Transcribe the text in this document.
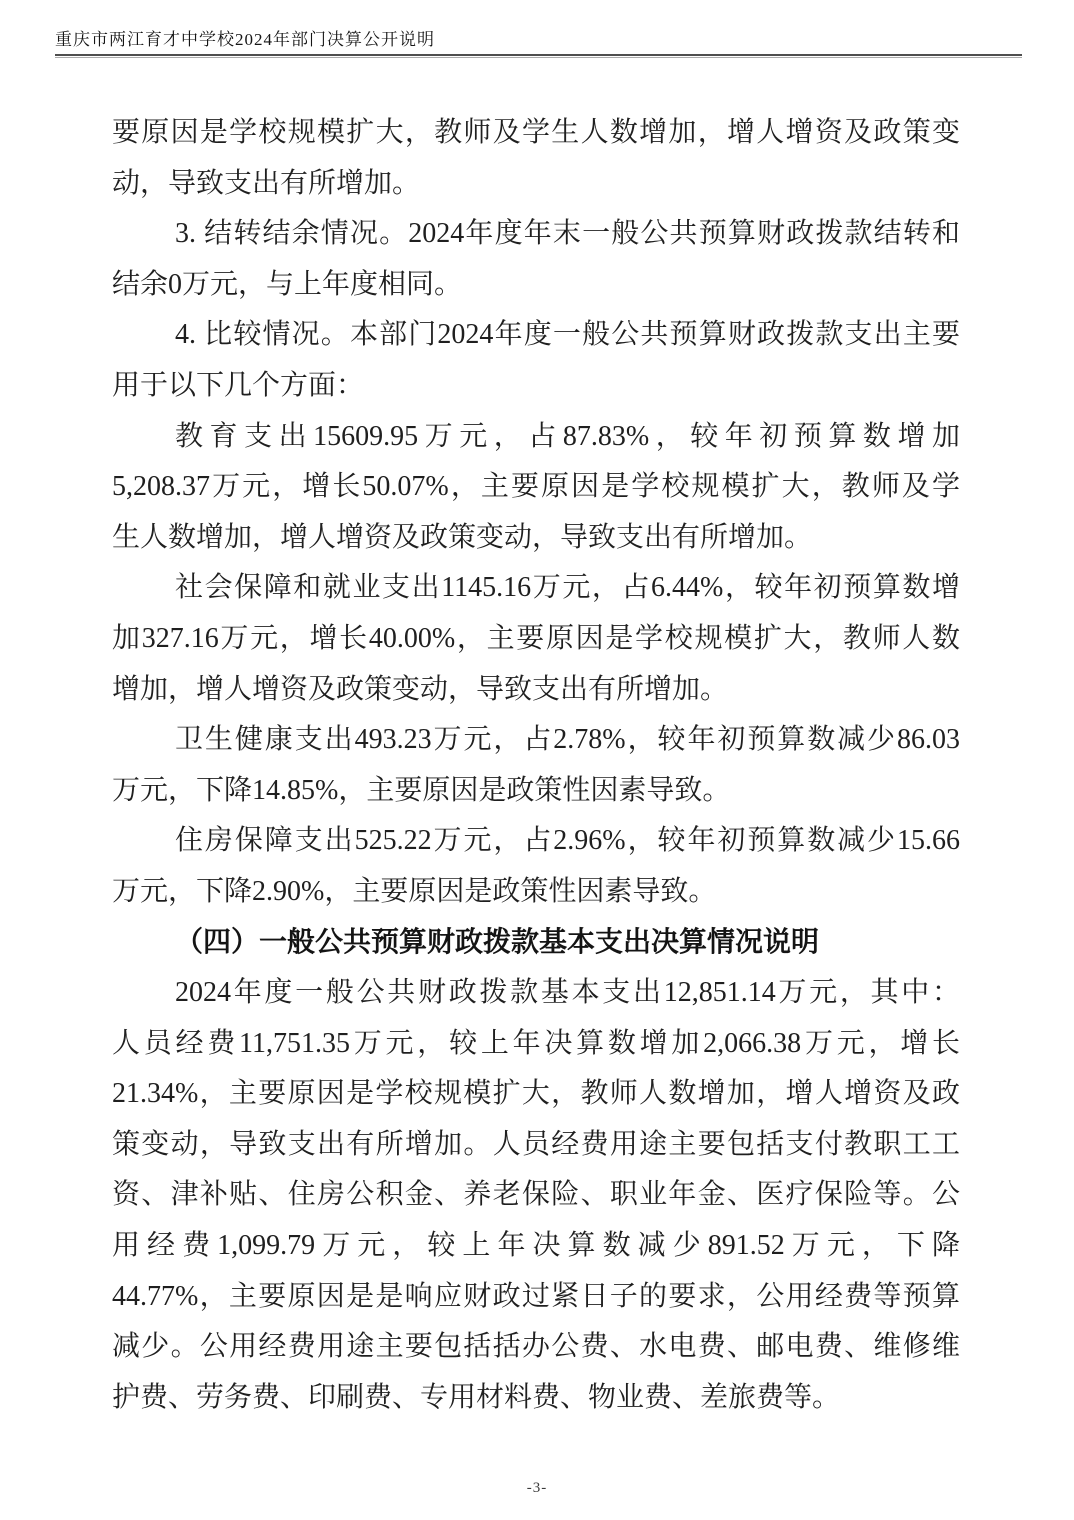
重庆市两江育才中学校2024年部门决算公开说明
要原因是学校规模扩大，教师及学生人数增加，增人增资及政策变
动，导致支出有所增加。
3. 结转结余情况。2024年度年末一般公共预算财政拨款结转和
结余0万元，与上年度相同。
4. 比较情况。本部门2024年度一般公共预算财政拨款支出主要
用于以下几个方面：
教育支出15609.95万元，占87.83%，较年初预算数增加
5,208.37万元，增长50.07%，主要原因是学校规模扩大，教师及学
生人数增加，增人增资及政策变动，导致支出有所增加。
社会保障和就业支出1145.16万元，占6.44%，较年初预算数增
加327.16万元，增长40.00%，主要原因是学校规模扩大，教师人数
增加，增人增资及政策变动，导致支出有所增加。
卫生健康支出493.23万元，占2.78%，较年初预算数减少86.03
万元，下降14.85%，主要原因是政策性因素导致。
住房保障支出525.22万元，占2.96%，较年初预算数减少15.66
万元，下降2.90%，主要原因是政策性因素导致。
（四）一般公共预算财政拨款基本支出决算情况说明
2024年度一般公共财政拨款基本支出12,851.14万元，其中：
人员经费11,751.35万元，较上年决算数增加2,066.38万元，增长
21.34%，主要原因是学校规模扩大，教师人数增加，增人增资及政
策变动，导致支出有所增加。人员经费用途主要包括支付教职工工
资、津补贴、住房公积金、养老保险、职业年金、医疗保险等。公
用经费1,099.79万元，较上年决算数减少891.52万元，下降
44.77%，主要原因是是响应财政过紧日子的要求，公用经费等预算
减少。公用经费用途主要包括括办公费、水电费、邮电费、维修维
护费、劳务费、印刷费、专用材料费、物业费、差旅费等。
-3-
